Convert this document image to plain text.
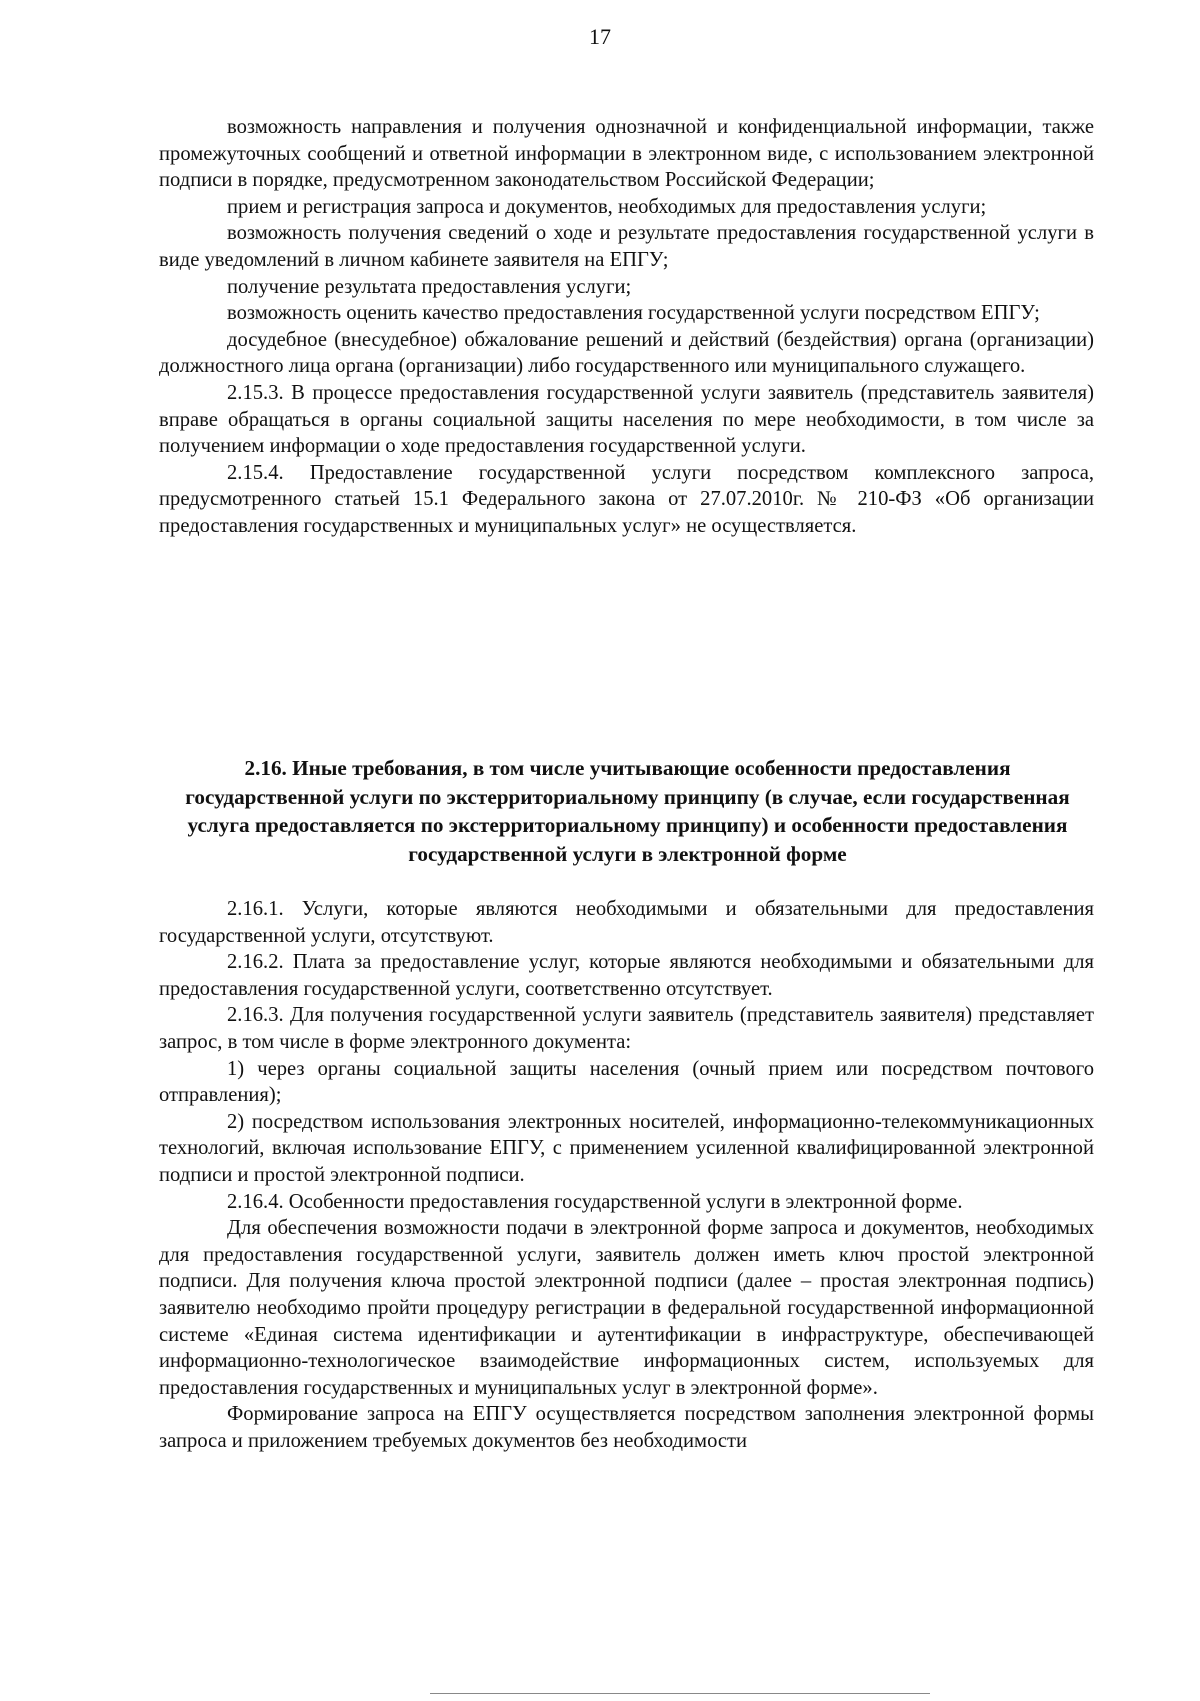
17

возможность направления и получения однозначной и конфиденциальной информации, также промежуточных сообщений и ответной информации в электронном виде, с использованием электронной подписи в порядке, предусмотренном законодательством Российской Федерации;

прием и регистрация запроса и документов, необходимых для предоставления услуги;

возможность получения сведений о ходе и результате предоставления государственной услуги в виде уведомлений в личном кабинете заявителя на ЕПГУ;

получение результата предоставления услуги;

возможность оценить качество предоставления государственной услуги посредством ЕПГУ;

досудебное (внесудебное) обжалование решений и действий (бездействия) органа (организации) должностного лица органа (организации) либо государственного или муниципального служащего.

2.15.3. В процессе предоставления государственной услуги заявитель (представитель заявителя) вправе обращаться в органы социальной защиты населения по мере необходимости, в том числе за получением информации о ходе предоставления государственной услуги.

2.15.4. Предоставление государственной услуги посредством комплексного запроса, предусмотренного статьей 15.1 Федерального закона от 27.07.2010г. № 210-ФЗ «Об организации предоставления государственных и муниципальных услуг» не осуществляется.

2.16. Иные требования, в том числе учитывающие особенности предоставления государственной услуги по экстерриториальному принципу (в случае, если государственная услуга предоставляется по экстерриториальному принципу) и особенности предоставления государственной услуги в электронной форме

2.16.1. Услуги, которые являются необходимыми и обязательными для предоставления государственной услуги, отсутствуют.

2.16.2. Плата за предоставление услуг, которые являются необходимыми и обязательными для предоставления государственной услуги, соответственно отсутствует.

2.16.3. Для получения государственной услуги заявитель (представитель заявителя) представляет запрос, в том числе в форме электронного документа:

1) через органы социальной защиты населения (очный прием или посредством почтового отправления);

2) посредством использования электронных носителей, информационно-телекоммуникационных технологий, включая использование ЕПГУ, с применением усиленной квалифицированной электронной подписи и простой электронной подписи.

2.16.4. Особенности предоставления государственной услуги в электронной форме.

Для обеспечения возможности подачи в электронной форме запроса и документов, необходимых для предоставления государственной услуги, заявитель должен иметь ключ простой электронной подписи. Для получения ключа простой электронной подписи (далее – простая электронная подпись) заявителю необходимо пройти процедуру регистрации в федеральной государственной информационной системе «Единая система идентификации и аутентификации в инфраструктуре, обеспечивающей информационно-технологическое взаимодействие информационных систем, используемых для предоставления государственных и муниципальных услуг в электронной форме».

Формирование запроса на ЕПГУ осуществляется посредством заполнения электронной формы запроса и приложением требуемых документов без необходимости
